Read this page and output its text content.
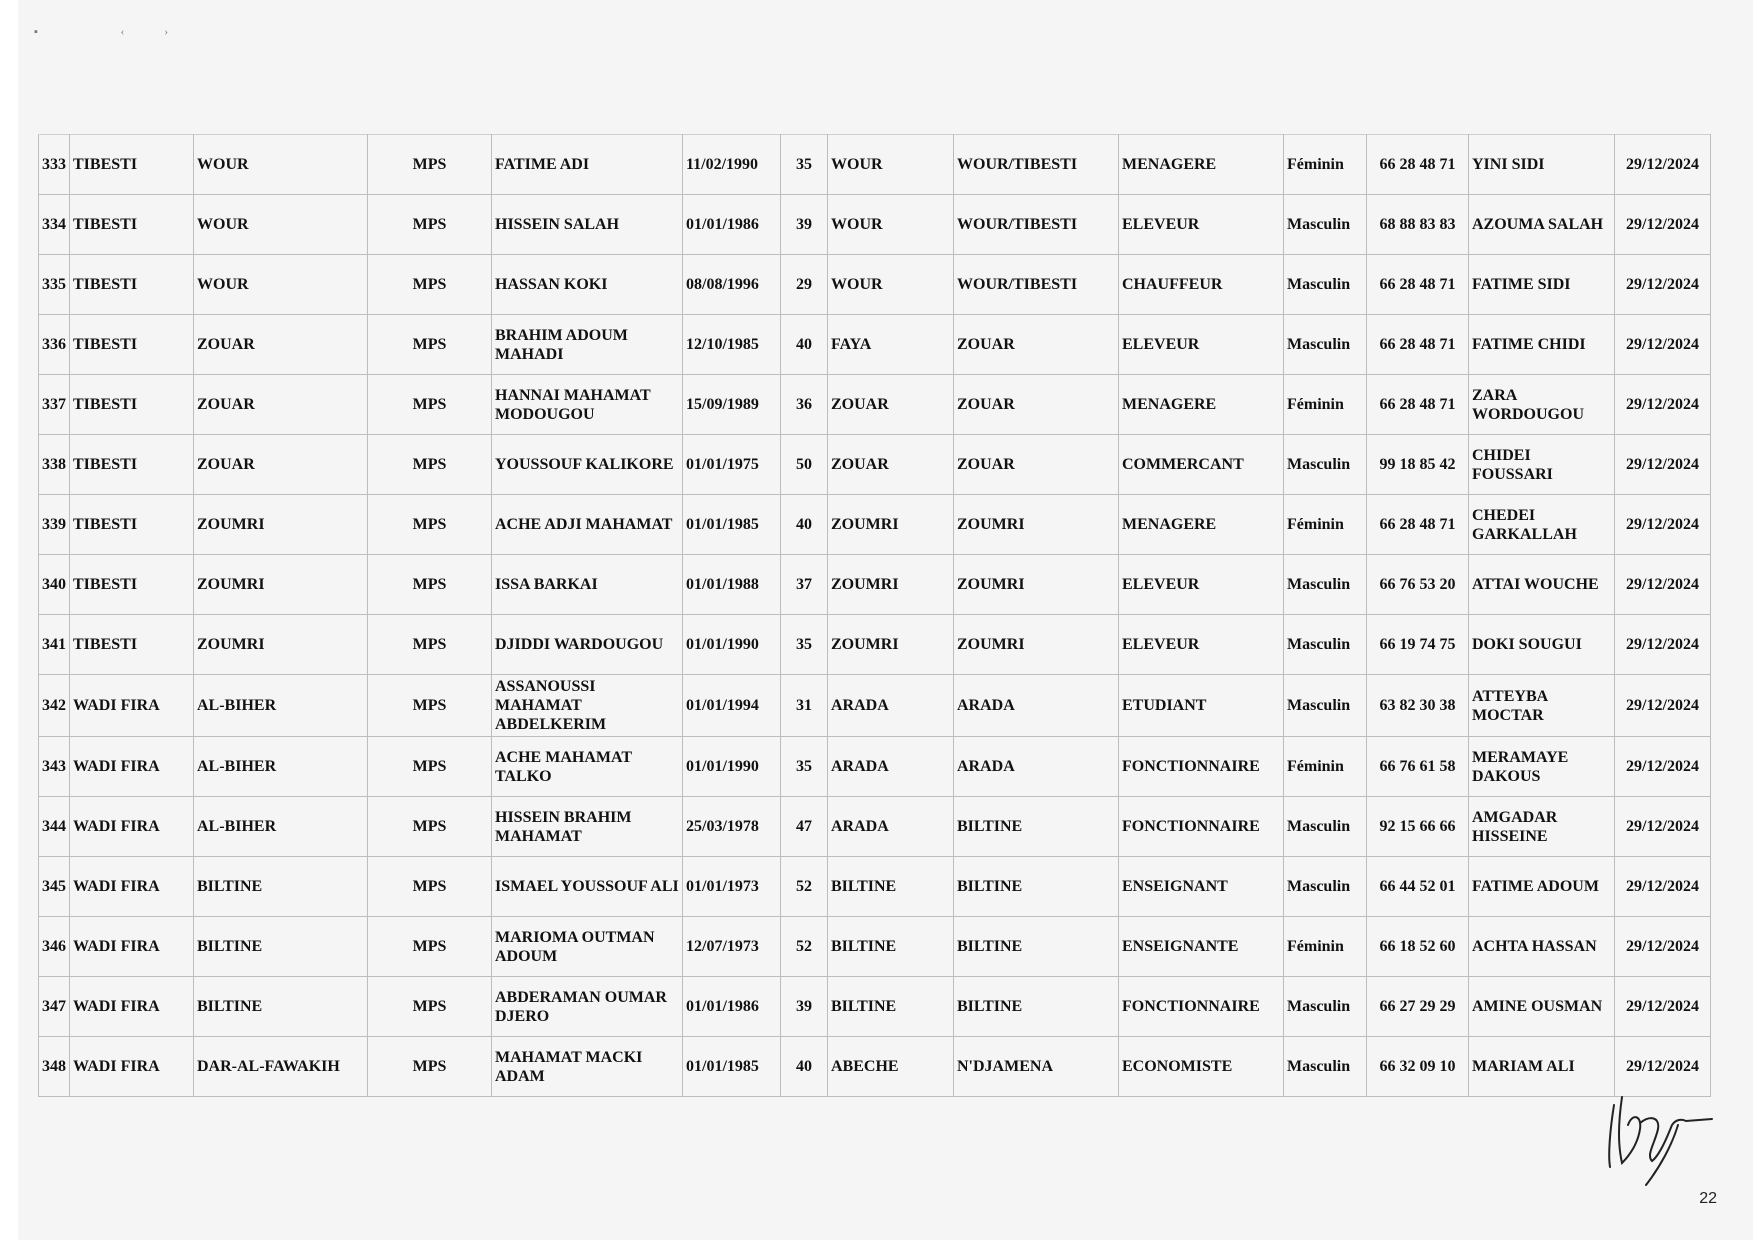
▪ ‹›
333	TIBESTI	WOUR	MPS	FATIME ADI	11/02/1990	35	WOUR	WOUR/TIBESTI	MENAGERE	Féminin	66 28 48 71	YINI SIDI	29/12/2024
334	TIBESTI	WOUR	MPS	HISSEIN SALAH	01/01/1986	39	WOUR	WOUR/TIBESTI	ELEVEUR	Masculin	68 88 83 83	AZOUMA SALAH	29/12/2024
335	TIBESTI	WOUR	MPS	HASSAN KOKI	08/08/1996	29	WOUR	WOUR/TIBESTI	CHAUFFEUR	Masculin	66 28 48 71	FATIME SIDI	29/12/2024
336	TIBESTI	ZOUAR	MPS	BRAHIM ADOUM MAHADI	12/10/1985	40	FAYA	ZOUAR	ELEVEUR	Masculin	66 28 48 71	FATIME CHIDI	29/12/2024
337	TIBESTI	ZOUAR	MPS	HANNAI MAHAMAT MODOUGOU	15/09/1989	36	ZOUAR	ZOUAR	MENAGERE	Féminin	66 28 48 71	ZARA WORDOUGOU	29/12/2024
338	TIBESTI	ZOUAR	MPS	YOUSSOUF KALIKORE	01/01/1975	50	ZOUAR	ZOUAR	COMMERCANT	Masculin	99 18 85 42	CHIDEI FOUSSARI	29/12/2024
339	TIBESTI	ZOUMRI	MPS	ACHE ADJI MAHAMAT	01/01/1985	40	ZOUMRI	ZOUMRI	MENAGERE	Féminin	66 28 48 71	CHEDEI GARKALLAH	29/12/2024
340	TIBESTI	ZOUMRI	MPS	ISSA BARKAI	01/01/1988	37	ZOUMRI	ZOUMRI	ELEVEUR	Masculin	66 76 53 20	ATTAI WOUCHE	29/12/2024
341	TIBESTI	ZOUMRI	MPS	DJIDDI WARDOUGOU	01/01/1990	35	ZOUMRI	ZOUMRI	ELEVEUR	Masculin	66 19 74 75	DOKI SOUGUI	29/12/2024
342	WADI FIRA	AL-BIHER	MPS	ASSANOUSSI MAHAMAT ABDELKERIM	01/01/1994	31	ARADA	ARADA	ETUDIANT	Masculin	63 82 30 38	ATTEYBA MOCTAR	29/12/2024
343	WADI FIRA	AL-BIHER	MPS	ACHE MAHAMAT TALKO	01/01/1990	35	ARADA	ARADA	FONCTIONNAIRE	Féminin	66 76 61 58	MERAMAYE DAKOUS	29/12/2024
344	WADI FIRA	AL-BIHER	MPS	HISSEIN BRAHIM MAHAMAT	25/03/1978	47	ARADA	BILTINE	FONCTIONNAIRE	Masculin	92 15 66 66	AMGADAR HISSEINE	29/12/2024
345	WADI FIRA	BILTINE	MPS	ISMAEL YOUSSOUF ALI	01/01/1973	52	BILTINE	BILTINE	ENSEIGNANT	Masculin	66 44 52 01	FATIME ADOUM	29/12/2024
346	WADI FIRA	BILTINE	MPS	MARIOMA OUTMAN ADOUM	12/07/1973	52	BILTINE	BILTINE	ENSEIGNANTE	Féminin	66 18 52 60	ACHTA HASSAN	29/12/2024
347	WADI FIRA	BILTINE	MPS	ABDERAMAN OUMAR DJERO	01/01/1986	39	BILTINE	BILTINE	FONCTIONNAIRE	Masculin	66 27 29 29	AMINE OUSMAN	29/12/2024
348	WADI FIRA	DAR-AL-FAWAKIH	MPS	MAHAMAT MACKI ADAM	01/01/1985	40	ABECHE	N'DJAMENA	ECONOMISTE	Masculin	66 32 09 10	MARIAM ALI	29/12/2024
22
